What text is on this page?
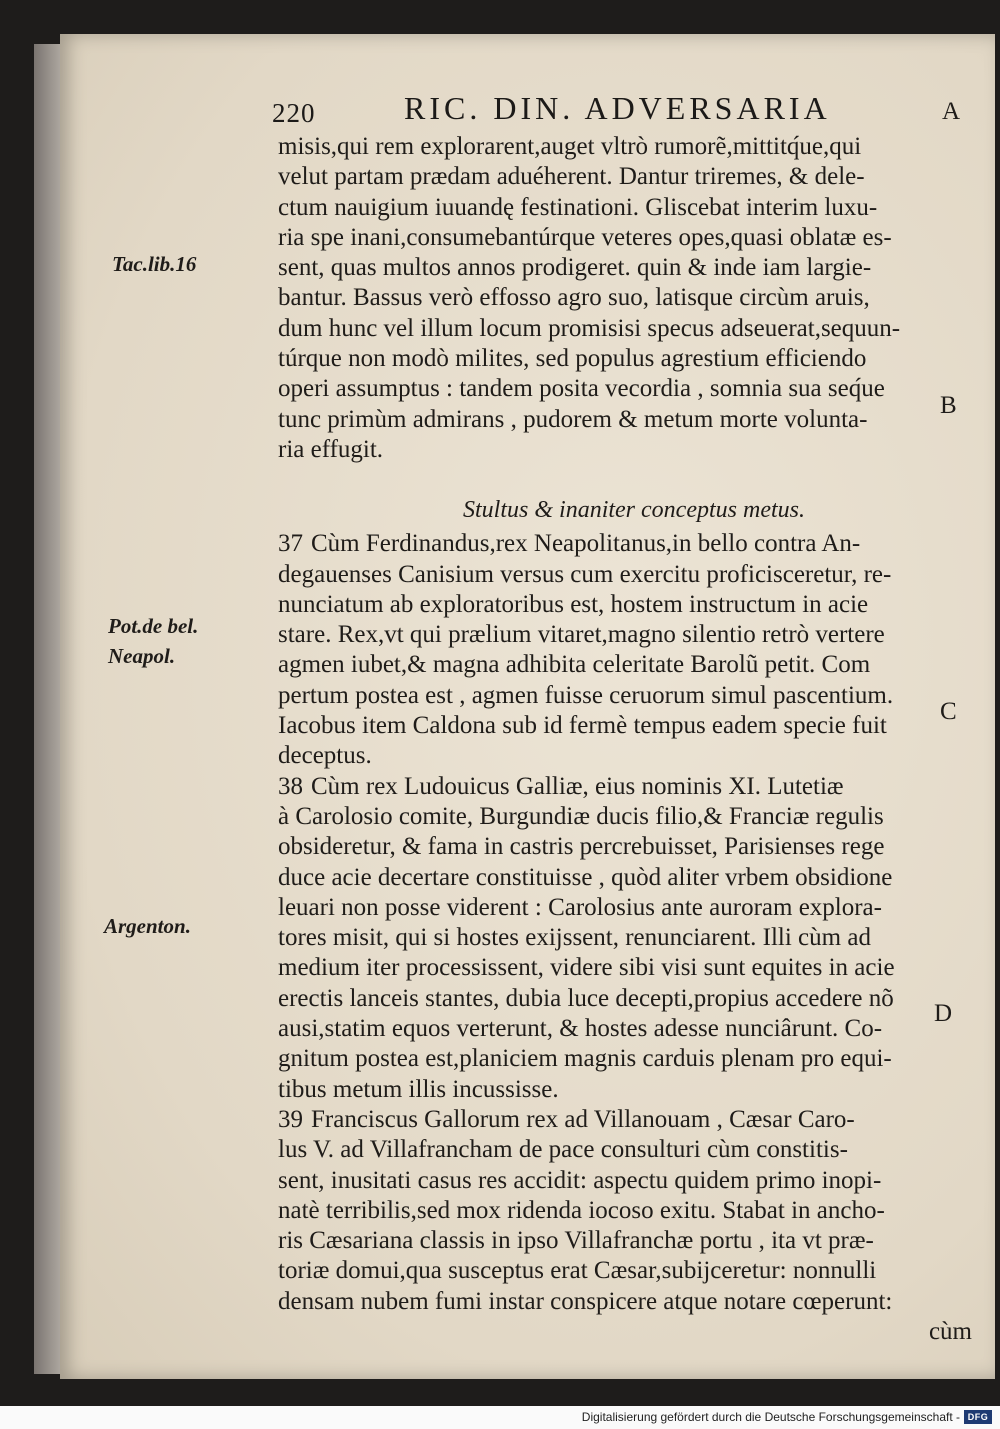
220	RIC. DIN. ADVERSARIA
misis,qui rem explorarent,auget vltrò rumorẽ,mittitq́ue,qui
velut partam prædam aduéherent. Dantur triremes, & dele-
ctum nauigium iuuandę festinationi. Gliscebat interim luxu-
ria spe inani,consumebantúrque veteres opes,quasi oblatæ es-
sent, quas multos annos prodigeret. quin & inde iam largie-
bantur. Bassus verò effosso agro suo, latisque circùm aruis,
dum hunc vel illum locum promisisi specus adseuerat,sequun-
túrque non modò milites, sed populus agrestium efficiendo
operi assumptus : tandem posita vecordia , somnia sua seq́ue
tunc primùm admirans , pudorem & metum morte volunta-
ria effugit.
Stultus & inaniter conceptus metus.
37 Cùm Ferdinandus,rex Neapolitanus,in bello contra An-
degauenses Canisium versus cum exercitu proficisceretur, re-
nunciatum ab exploratoribus est, hostem instructum in acie
stare. Rex,vt qui prælium vitaret,magno silentio retrò vertere
agmen iubet,& magna adhibita celeritate Barolũ petit. Com
pertum postea est , agmen fuisse ceruorum simul pascentium.
Iacobus item Caldona sub id fermè tempus eadem specie fuit
deceptus.
38 Cùm rex Ludouicus Galliæ, eius nominis XI. Lutetiæ
à Carolosio comite, Burgundiæ ducis filio,& Franciæ regulis
obsideretur, & fama in castris percrebuisset, Parisienses rege
duce acie decertare constituisse , quòd aliter vrbem obsidione
leuari non posse viderent : Carolosius ante auroram explora-
tores misit, qui si hostes exijssent, renunciarent. Illi cùm ad
medium iter processissent, videre sibi visi sunt equites in acie
erectis lanceis stantes, dubia luce decepti,propius accedere nõ
ausi,statim equos verterunt, & hostes adesse nunciârunt. Co-
gnitum postea est,planiciem magnis carduis plenam pro equi-
tibus metum illis incussisse.
39 Franciscus Gallorum rex ad Villanouam , Cæsar Caro-
lus V. ad Villafrancham de pace consulturi cùm constitis-
sent, inusitati casus res accidit: aspectu quidem primo inopi-
natè terribilis,sed mox ridenda iocoso exitu. Stabat in ancho-
ris Cæsariana classis in ipso Villafranchæ portu , ita vt præ-
toriæ domui,qua susceptus erat Cæsar,subijceretur: nonnulli
densam nubem fumi instar conspicere atque notare cœperunt:
cùm
Tac.lib.16
Pot.de bel.
Neapol.
Argenton.
A
B
C
D
Digitalisierung gefördert durch die Deutsche Forschungsgemeinschaft - DFG
